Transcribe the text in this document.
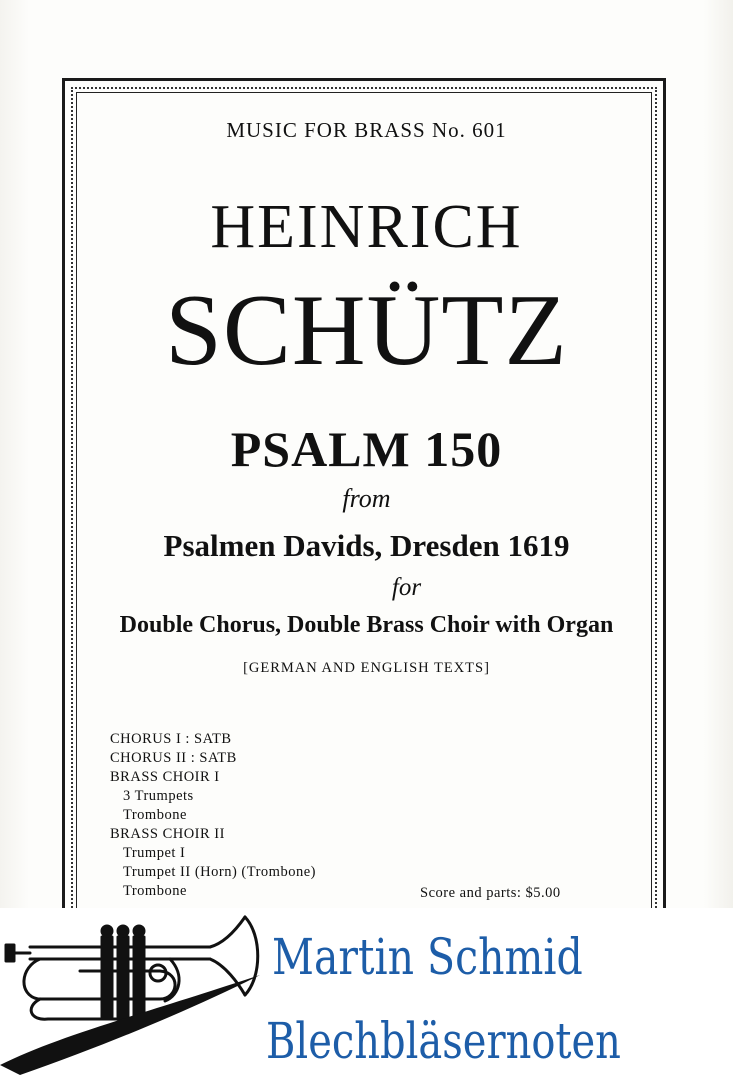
MUSIC FOR BRASS No. 601
HEINRICH
SCHÜTZ
PSALM 150
from
Psalmen Davids, Dresden 1619
for
Double Chorus, Double Brass Choir with Organ
[GERMAN AND ENGLISH TEXTS]
CHORUS I : SATB
CHORUS II : SATB
BRASS CHOIR I
3 Trumpets
Trombone
BRASS CHOIR II
Trumpet I
Trumpet II (Horn) (Trombone)
Trombone	Score and parts: $5.00
Martin Schmid
Blechbläsernoten
